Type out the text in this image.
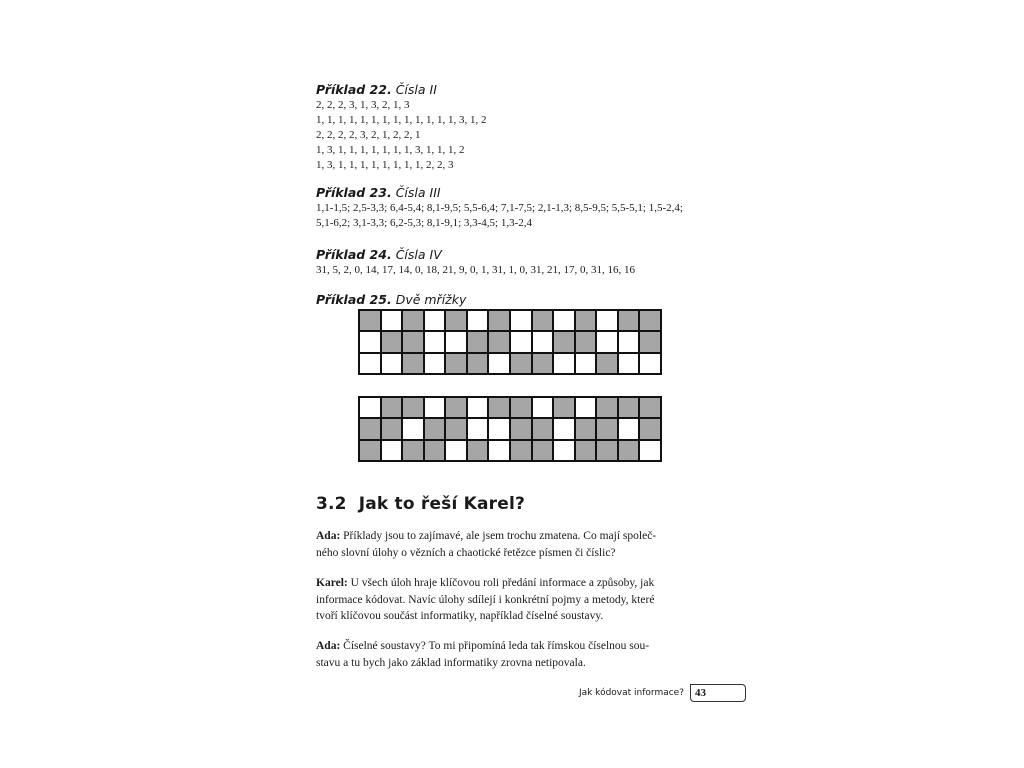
Příklad 22. Čísla II

2, 2, 2, 3, 1, 3, 2, 1, 3

1, 1, 1, 1, 1, 1, 1, 1, 1, 1, 1, 1, 1, 3, 1, 2

2, 2, 2, 2, 3, 2, 1, 2, 2, 1

1, 3, 1, 1, 1, 1, 1, 1, 1, 3, 1, 1, 1, 2

1, 3, 1, 1, 1, 1, 1, 1, 1, 1, 2, 2, 3

Příklad 23. Čísla III

1,1-1,5; 2,5-3,3; 6,4-5,4; 8,1-9,5; 5,5-6,4; 7,1-7,5; 2,1-1,3; 8,5-9,5; 5,5-5,1; 1,5-2,4;

5,1-6,2; 3,1-3,3; 6,2-5,3; 8,1-9,1; 3,3-4,5; 1,3-2,4

Příklad 24. Čísla IV

31, 5, 2, 0, 14, 17, 14, 0, 18, 21, 9, 0, 1, 31, 1, 0, 31, 21, 17, 0, 31, 16, 16

Příklad 25. Dvě mřížky

3.2 Jak to řeší Karel?
Ada: Příklady jsou to zajímavé, ale jsem trochu zmatena. Co mají společ-
ného slovní úlohy o vězních a chaotické řetězce písmen či číslic?
Karel: U všech úloh hraje klíčovou roli předání informace a způsoby, jak
informace kódovat. Navíc úlohy sdílejí i konkrétní pojmy a metody, které
tvoří klíčovou součást informatiky, například číselné soustavy.
Ada: Číselné soustavy? To mi připomíná leda tak římskou číselnou sou-
stavu a tu bych jako základ informatiky zrovna netipovala.
Jak kódovat informace?	43
